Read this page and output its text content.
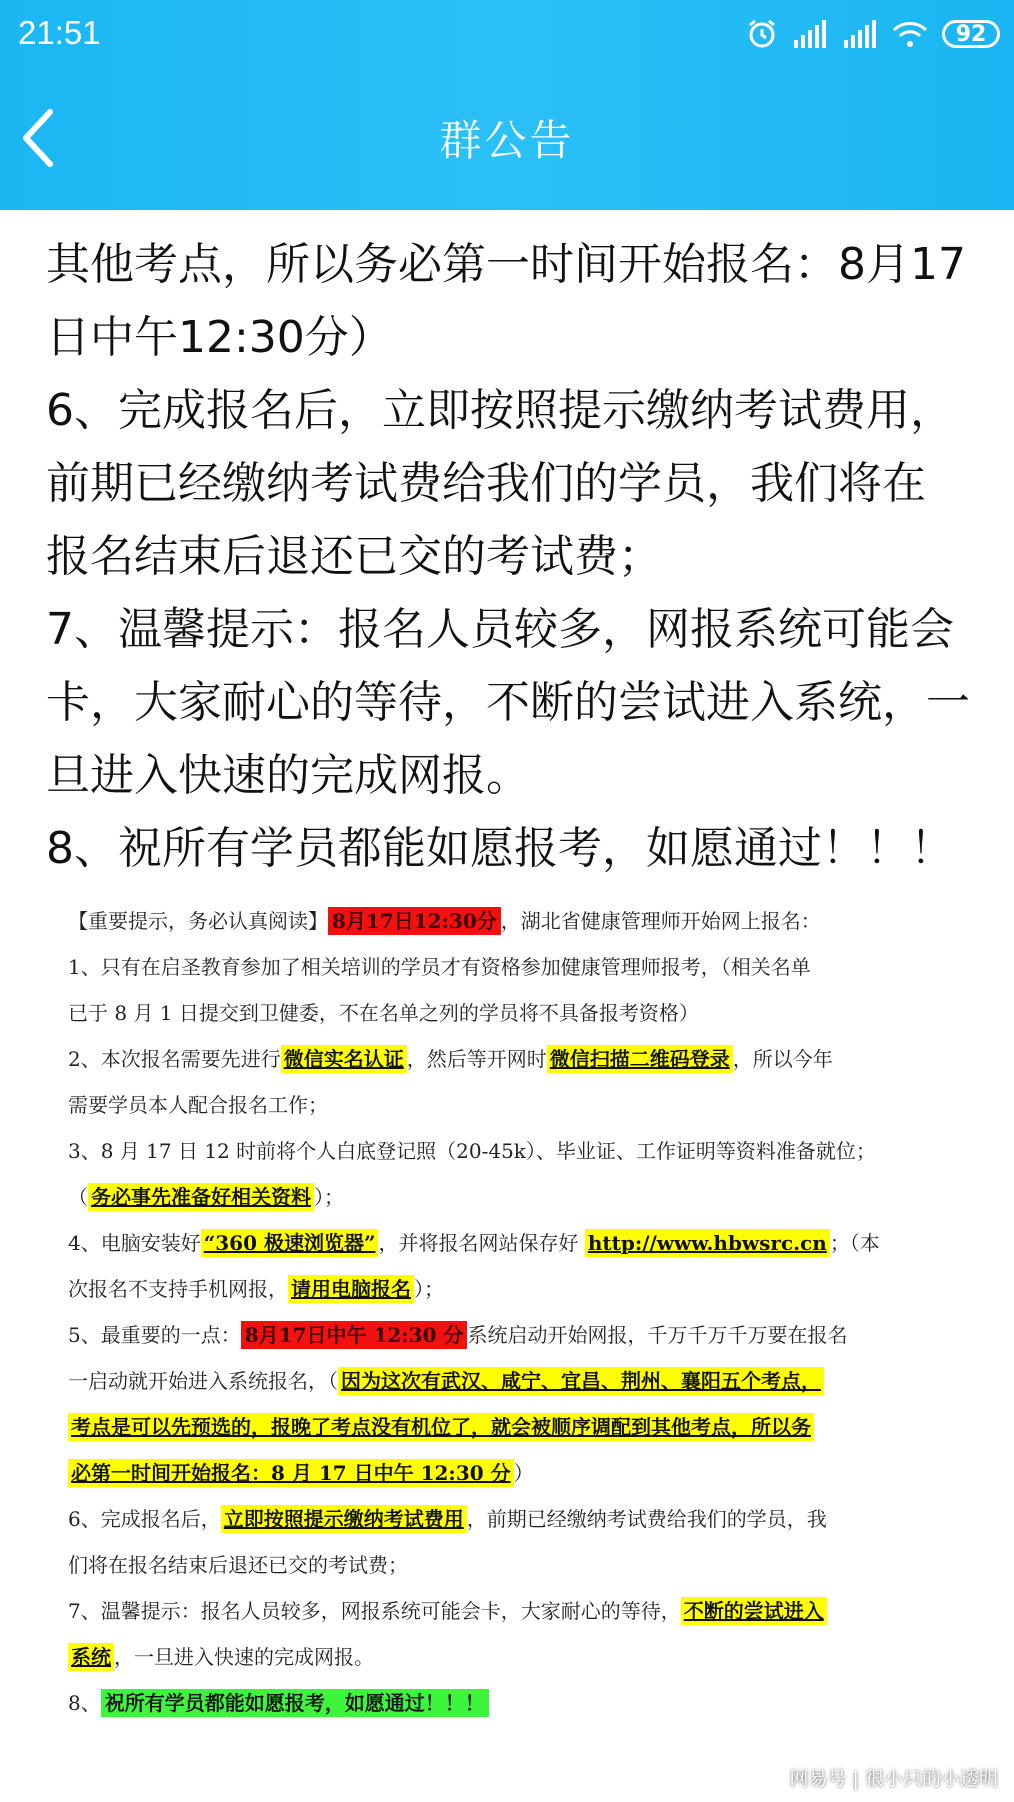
21:51	92
群公告

其他考点，所以务必第一时间开始报名：8月17

日中午12:30分）

6、完成报名后，立即按照提示缴纳考试费用，

前期已经缴纳考试费给我们的学员，我们将在

报名结束后退还已交的考试费；

7、温馨提示：报名人员较多，网报系统可能会

卡，大家耐心的等待，不断的尝试进入系统，一

旦进入快速的完成网报。

8、祝所有学员都能如愿报考，如愿通过！！！

【重要提示，务必认真阅读】 8月17日12:30分 ，湖北省健康管理师开始网上报名：
1、只有在启圣教育参加了相关培训的学员才有资格参加健康管理师报考，（相关名单
已于 8 月 1 日提交到卫健委，不在名单之列的学员将不具备报考资格）
2、本次报名需要先进行 微信实名认证 ，然后等开网时 微信扫描二维码登录 ，所以今年
需要学员本人配合报名工作；
3、8 月 17 日 12 时前将个人白底登记照（20-45k）、毕业证、工作证明等资料准备就位；
（ 务必事先准备好相关资料 ）；
4、电脑安装好 “360 极速浏览器” ，并将报名网站保存好 http://www.hbwsrc.cn ；（本
次报名不支持手机网报， 请用电脑报名 ）；
5、最重要的一点： 8月17日中午 12:30 分 系统启动开始网报，千万千万千万要在报名
一启动就开始进入系统报名，（ 因为这次有武汉、咸宁、宜昌、荆州、襄阳五个考点，
考点是可以先预选的，报晚了考点没有机位了，就会被顺序调配到其他考点，所以务
必第一时间开始报名：8 月 17 日中午 12:30 分 ）
6、完成报名后， 立即按照提示缴纳考试费用 ，前期已经缴纳考试费给我们的学员，我
们将在报名结束后退还已交的考试费；
7、温馨提示：报名人员较多，网报系统可能会卡，大家耐心的等待， 不断的尝试进入
系统 ，一旦进入快速的完成网报。
8、 祝所有学员都能如愿报考，如愿通过！！！
网易号 | 很小只的小透明
